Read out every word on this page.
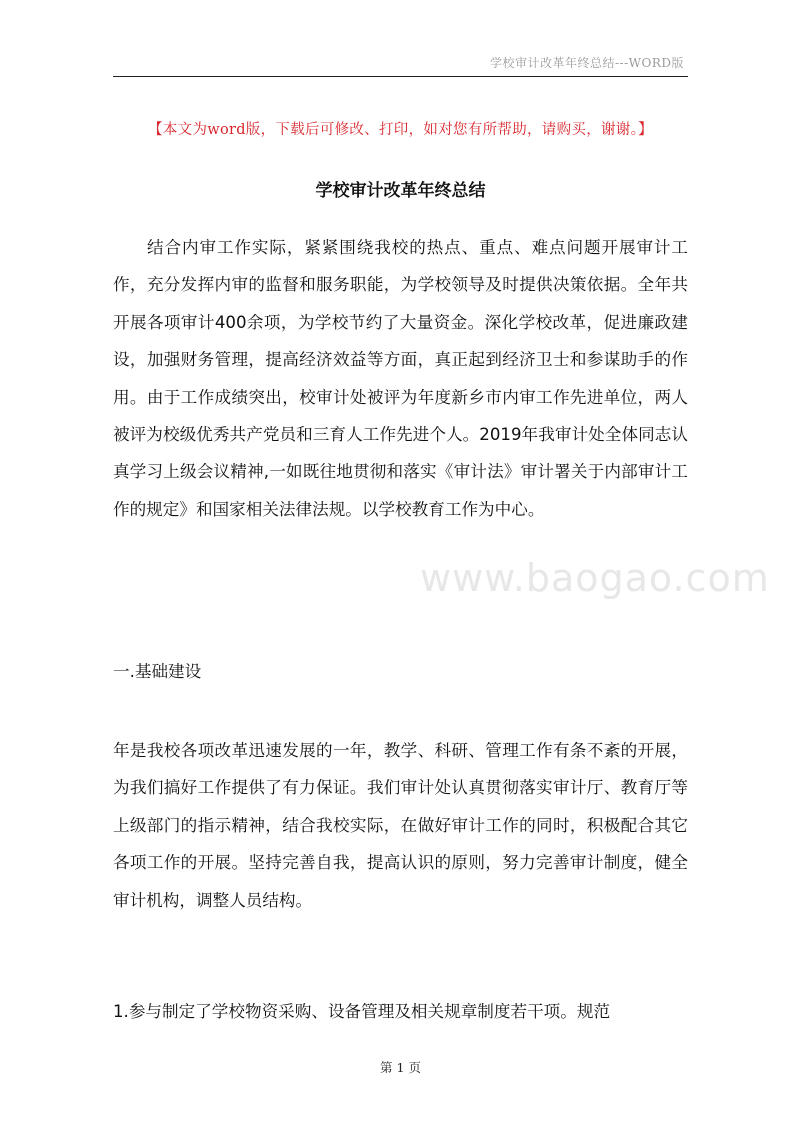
学校审计改革年终总结---WORD版
【本文为word版，下载后可修改、打印，如对您有所帮助，请购买，谢谢。】
学校审计改革年终总结

结合内审工作实际，紧紧围绕我校的热点、重点、难点问题开展审计工作，充分发挥内审的监督和服务职能，为学校领导及时提供决策依据。全年共开展各项审计400余项，为学校节约了大量资金。深化学校改革，促进廉政建设，加强财务管理，提高经济效益等方面，真正起到经济卫士和参谋助手的作用。由于工作成绩突出，校审计处被评为年度新乡市内审工作先进单位，两人被评为校级优秀共产党员和三育人工作先进个人。2019年我审计处全体同志认真学习上级会议精神,一如既往地贯彻和落实《审计法》审计署关于内部审计工作的规定》和国家相关法律法规。以学校教育工作为中心。

www.baogao.com

一.基础建设

年是我校各项改革迅速发展的一年，教学、科研、管理工作有条不紊的开展，为我们搞好工作提供了有力保证。我们审计处认真贯彻落实审计厅、教育厅等上级部门的指示精神，结合我校实际，在做好审计工作的同时，积极配合其它各项工作的开展。坚持完善自我，提高认识的原则，努力完善审计制度，健全审计机构，调整人员结构。

1.参与制定了学校物资采购、设备管理及相关规章制度若干项。规范

第 1 页
